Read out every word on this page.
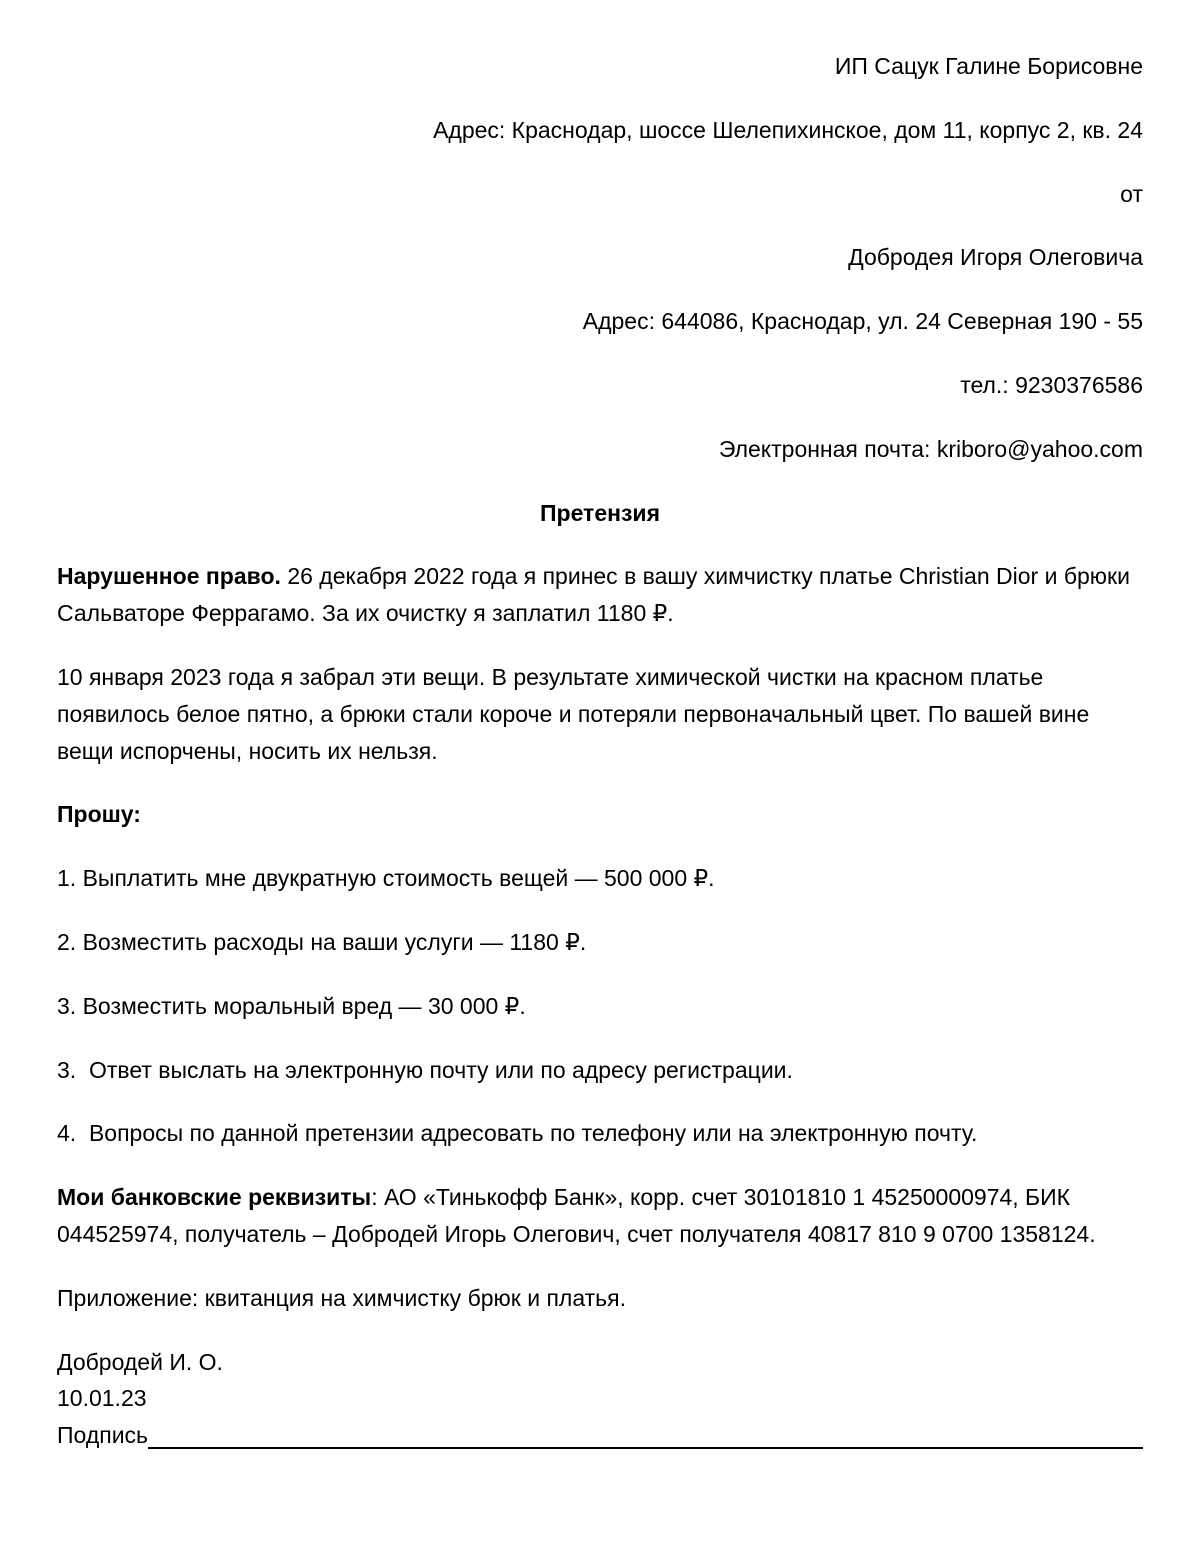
ИП Сацук Галине Борисовне

Адрес: Краснодар, шоссе Шелепихинское, дом 11, корпус 2, кв. 24

от

Добродея Игоря Олеговича

Адрес: 644086, Краснодар, ул. 24 Северная 190 - 55

тел.: 9230376586

Электронная почта: kriboro@yahoo.com

Претензия

Нарушенное право. 26 декабря 2022 года я принес в вашу химчистку платье Christian Dior и брюки Сальваторе Феррагамо. За их очистку я заплатил 1180 ₽.

10 января 2023 года я забрал эти вещи. В результате химической чистки на красном платье появилось белое пятно, а брюки стали короче и потеряли первоначальный цвет. По вашей вине вещи испорчены, носить их нельзя.

Прошу:

1. Выплатить мне двукратную стоимость вещей — 500 000 ₽.

2. Возместить расходы на ваши услуги — 1180 ₽.

3. Возместить моральный вред — 30 000 ₽.

3.  Ответ выслать на электронную почту или по адресу регистрации.

4.  Вопросы по данной претензии адресовать по телефону или на электронную почту.

Мои банковские реквизиты: АО «Тинькофф Банк», корр. счет 30101810 1 45250000974, БИК 044525974, получатель – Добродей Игорь Олегович, счет получателя 40817 810 9 0700 1358124.

Приложение: квитанция на химчистку брюк и платья.

Добродей И. О.

10.01.23

Подпись
